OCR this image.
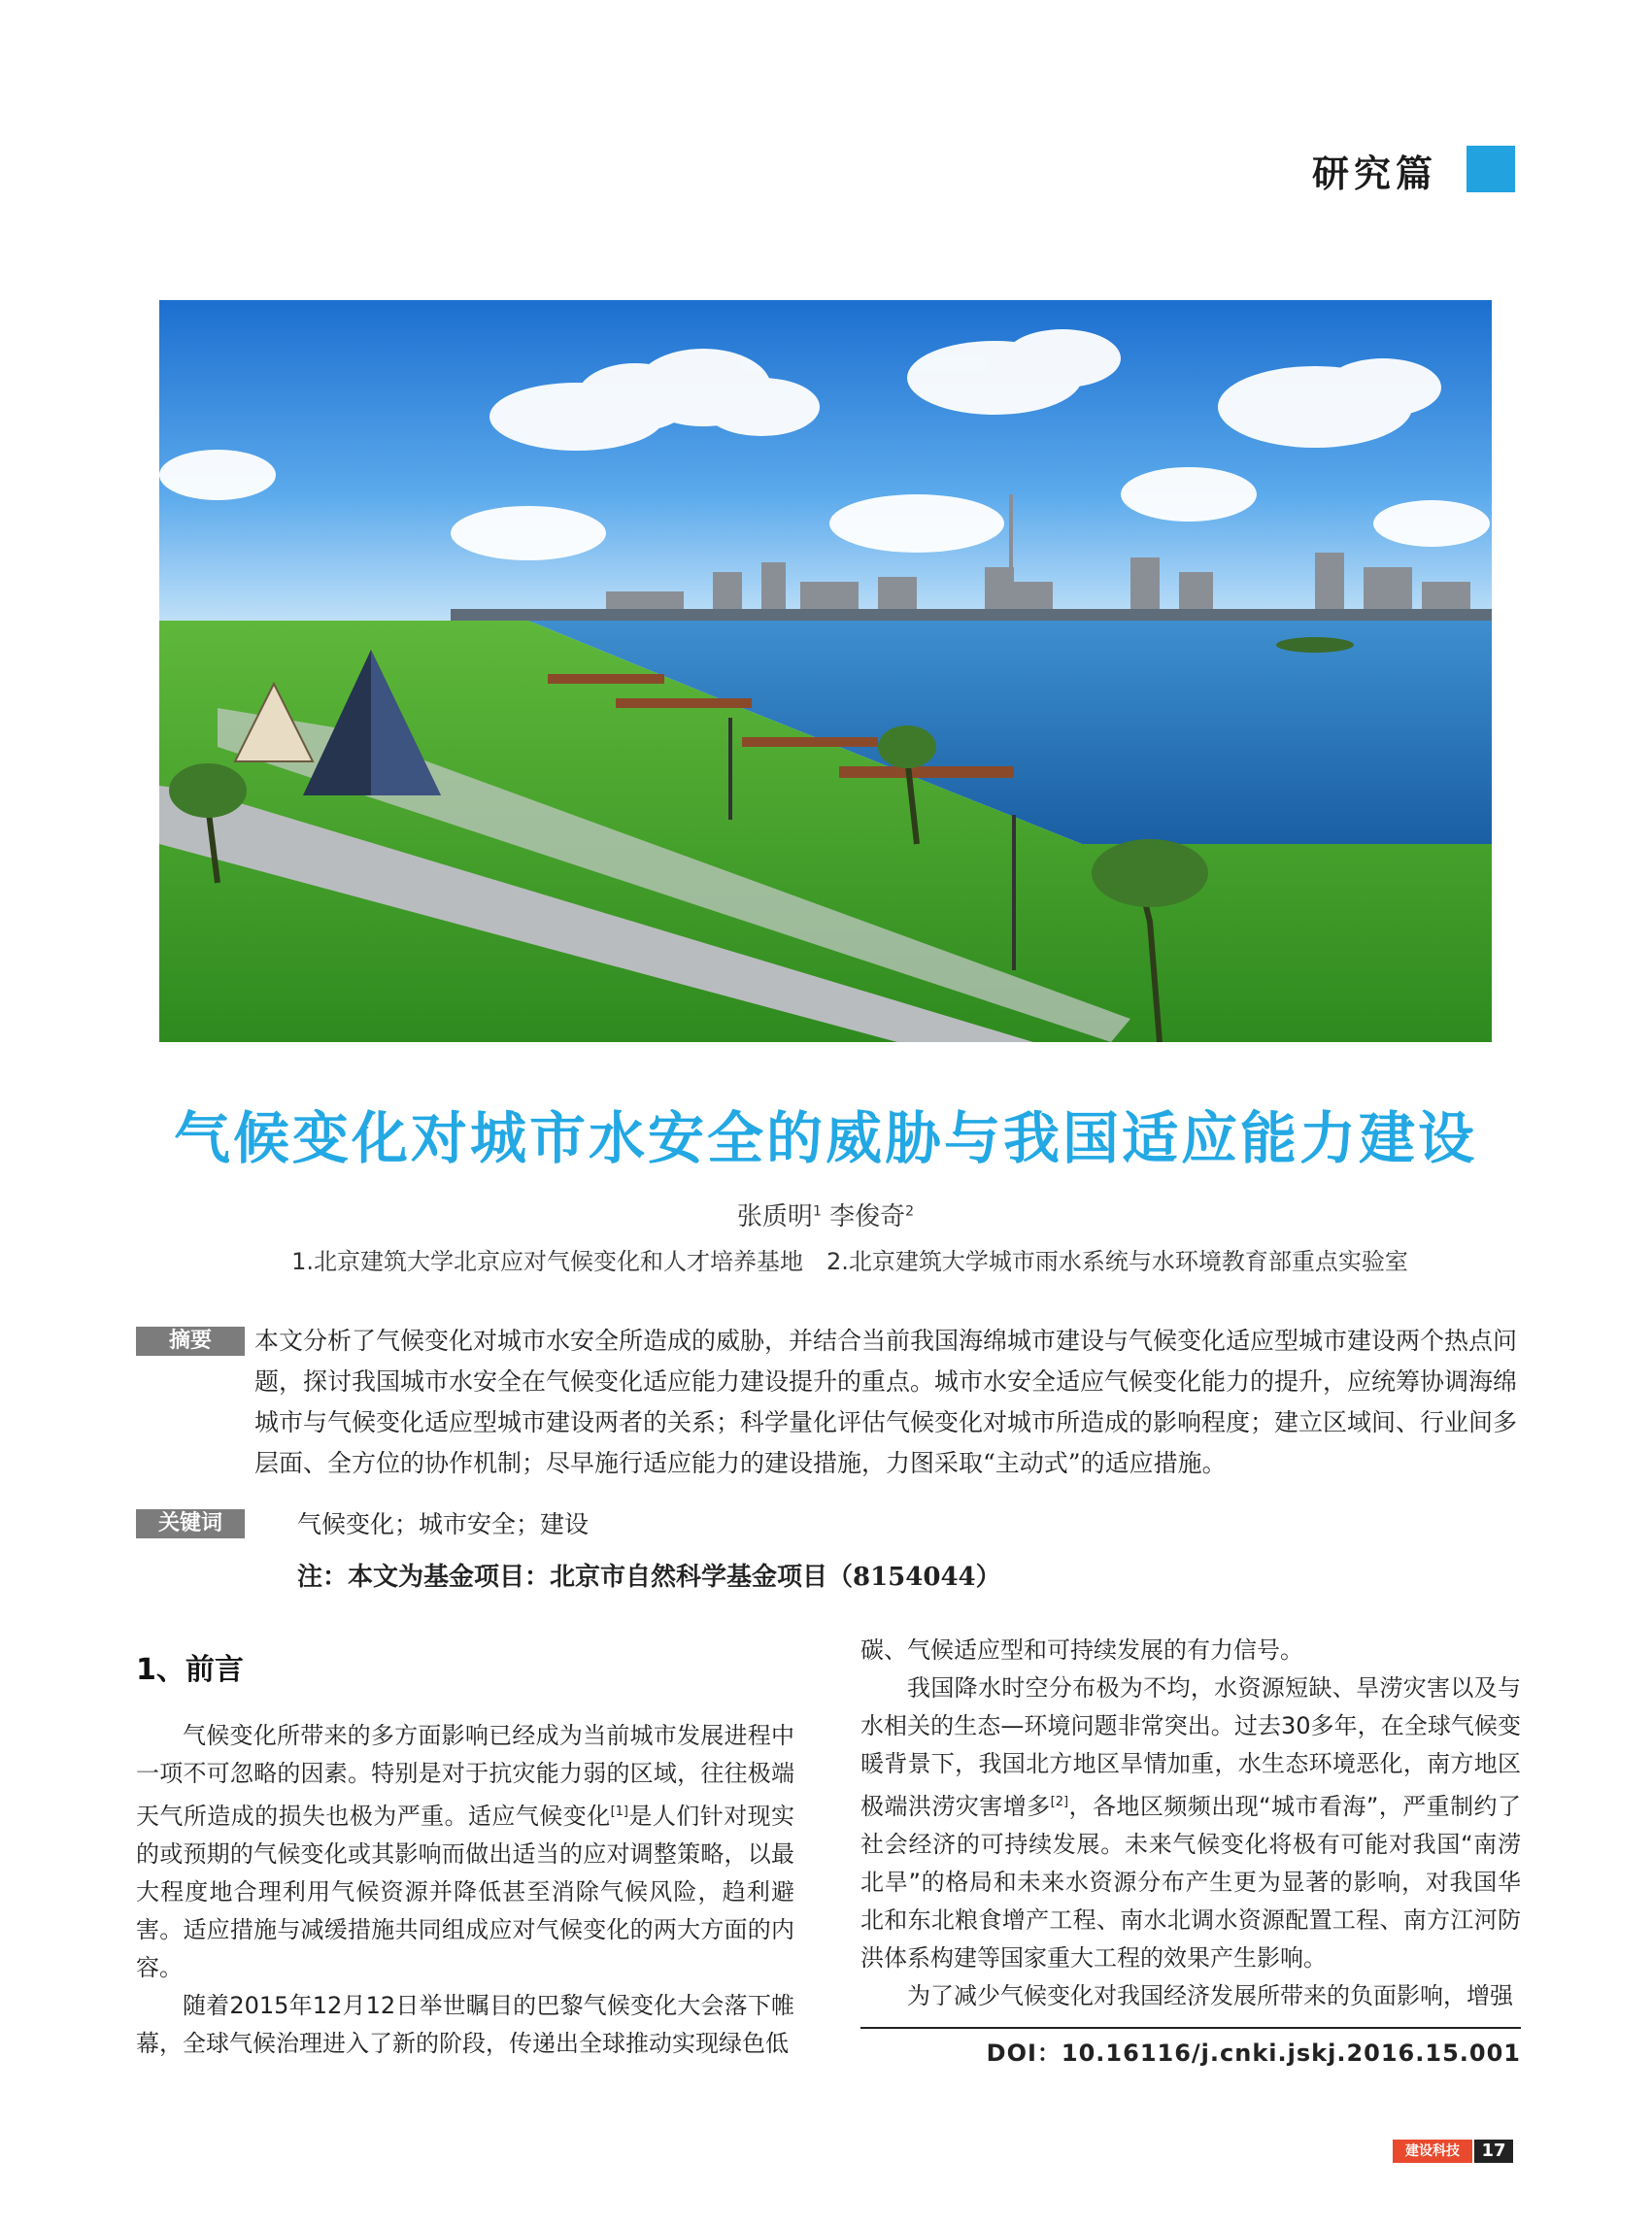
研究篇
气候变化对城市水安全的威胁与我国适应能力建设
张质明$^1$ 李俊奇$^2$
1.北京建筑大学北京应对气候变化和人才培养基地　2.北京建筑大学城市雨水系统与水环境教育部重点实验室
摘要	本文分析了气候变化对城市水安全所造成的威胁，并结合当前我国海绵城市建设与气候变化适应型城市建设两个热点问题，探讨我国城市水安全在气候变化适应能力建设提升的重点。城市水安全适应气候变化能力的提升，应统筹协调海绵城市与气候变化适应型城市建设两者的关系；科学量化评估气候变化对城市所造成的影响程度；建立区域间、行业间多层面、全方位的协作机制；尽早施行适应能力的建设措施，力图采取“主动式”的适应措施。
关键词	气候变化；城市安全；建设
注：本文为基金项目：北京市自然科学基金项目（8154044）
1、前言

气候变化所带来的多方面影响已经成为当前城市发展进程中一项不可忽略的因素。特别是对于抗灾能力弱的区域，往往极端天气所造成的损失也极为严重。适应气候变化[1]是人们针对现实的或预期的气候变化或其影响而做出适当的应对调整策略，以最大程度地合理利用气候资源并降低甚至消除气候风险，趋利避害。适应措施与减缓措施共同组成应对气候变化的两大方面的内容。

随着2015年12月12日举世瞩目的巴黎气候变化大会落下帷幕，全球气候治理进入了新的阶段，传递出全球推动实现绿色低

碳、气候适应型和可持续发展的有力信号。

我国降水时空分布极为不均，水资源短缺、旱涝灾害以及与水相关的生态—环境问题非常突出。过去30多年，在全球气候变暖背景下，我国北方地区旱情加重，水生态环境恶化，南方地区极端洪涝灾害增多[2]，各地区频频出现“城市看海”，严重制约了社会经济的可持续发展。未来气候变化将极有可能对我国“南涝北旱”的格局和未来水资源分布产生更为显著的影响，对我国华北和东北粮食增产工程、南水北调水资源配置工程、南方江河防洪体系构建等国家重大工程的效果产生影响。

为了减少气候变化对我国经济发展所带来的负面影响，增强

DOI：10.16116/j.cnki.jskj.2016.15.001
建设科技	17
